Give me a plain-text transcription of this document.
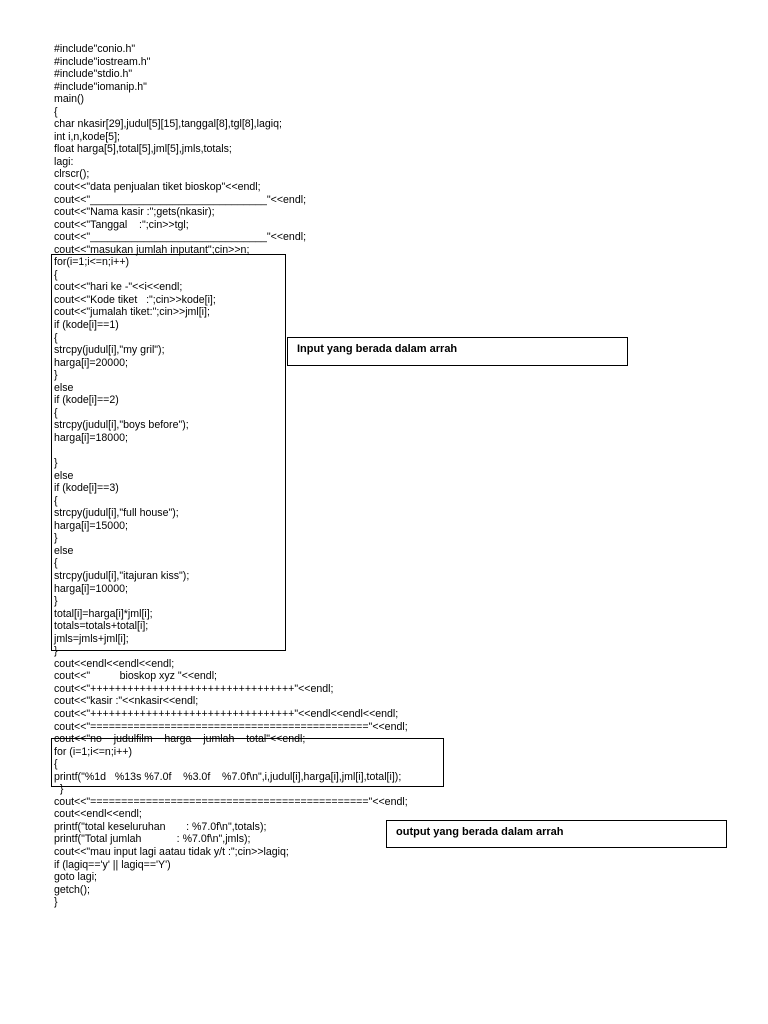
#include"conio.h"
#include"iostream.h"
#include"stdio.h"
#include"iomanip.h"
main()
{
char nkasir[29],judul[5][15],tanggal[8],tgl[8],lagiq;
int i,n,kode[5];
float harga[5],total[5],jml[5],jmls,totals;
lagi:
clrscr();
cout<<"data penjualan tiket bioskop"<<endl;
cout<<"______________________________"<<endl;
cout<<"Nama kasir :";gets(nkasir);
cout<<"Tanggal    :";cin>>tgl;
cout<<"______________________________"<<endl;
cout<<"masukan jumlah inputant";cin>>n;
for(i=1;i<=n;i++)
{
cout<<"hari ke -"<<i<<endl;
cout<<"Kode tiket   :";cin>>kode[i];
cout<<"jumalah tiket:";cin>>jml[i];
if (kode[i]==1)
{
strcpy(judul[i],"my gril");
harga[i]=20000;
}
else
if (kode[i]==2)
{
strcpy(judul[i],"boys before");
harga[i]=18000;
}
else
if (kode[i]==3)
{
strcpy(judul[i],"full house");
harga[i]=15000;
}
else
{
strcpy(judul[i],"itajuran kiss");
harga[i]=10000;
}
total[i]=harga[i]*jml[i];
totals=totals+total[i];
jmls=jmls+jml[i];
}
cout<<endl<<endl<<endl;
cout<<"          bioskop xyz "<<endl;
cout<<"+++++++++++++++++++++++++++++++++"<<endl;
cout<<"kasir :"<<nkasir<<endl;
cout<<"+++++++++++++++++++++++++++++++++"<<endl<<endl<<endl;
cout<<"============================================="<<endl;
cout<<"no    judulfilm    harga    jumlah    total"<<endl;
for (i=1;i<=n;i++)
{
printf("%1d   %13s %7.0f    %3.0f    %7.0f\n",i,judul[i],harga[i],jml[i],total[i]);
}
cout<<"============================================="<<endl;
cout<<endl<<endl;
printf("total keseluruhan       : %7.0f\n",totals);
printf("Total jumlah            : %7.0f\n",jmls);
cout<<"mau input lagi aatau tidak y/t :";cin>>lagiq;
if (lagiq=='y' || lagiq=='Y')
goto lagi;
getch();
}
Input yang berada dalam arrah
output yang berada dalam arrah
